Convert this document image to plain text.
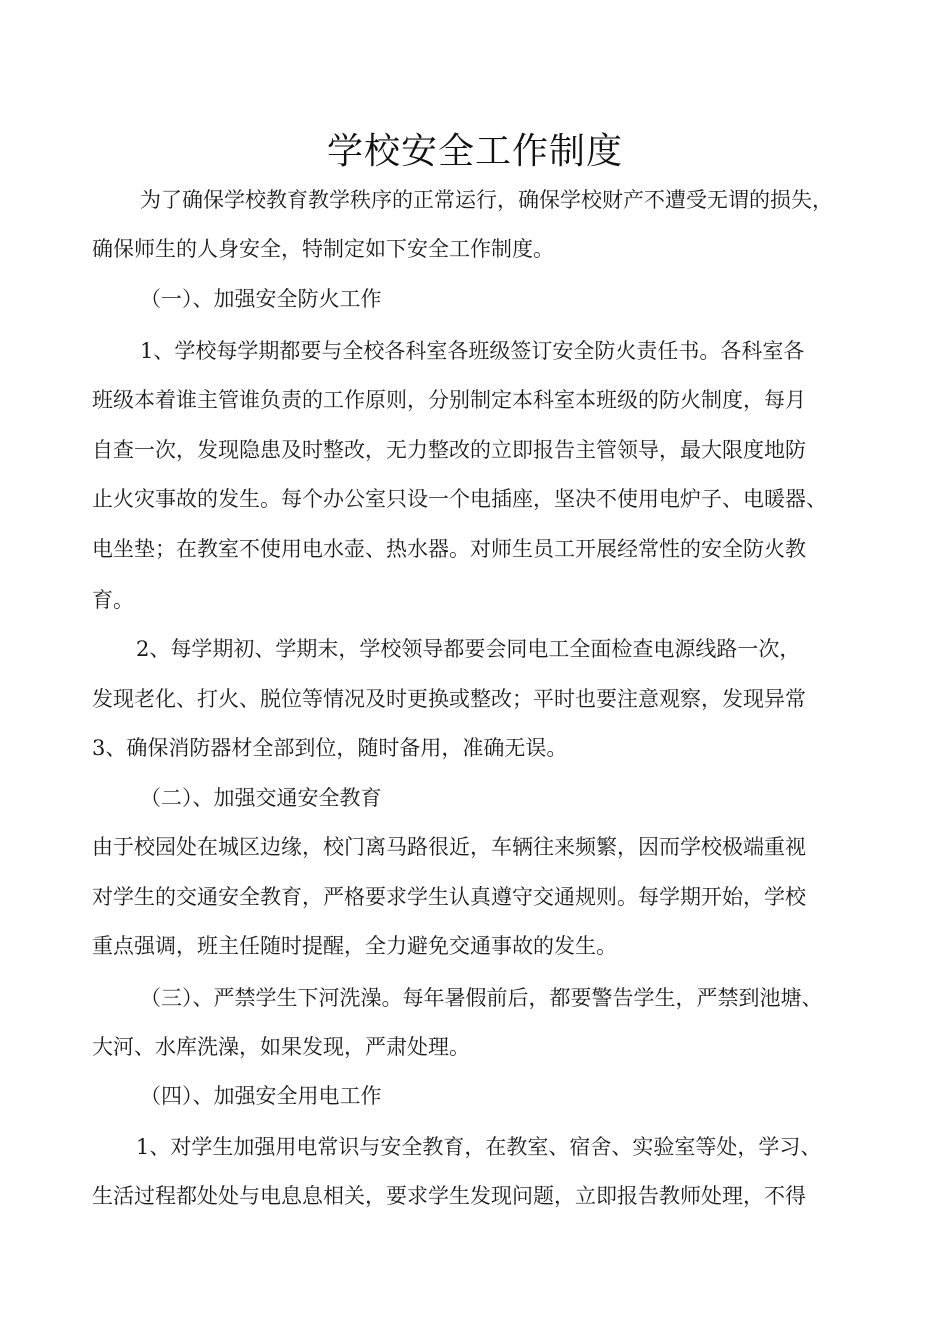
学校安全工作制度
为了确保学校教育教学秩序的正常运行，确保学校财产不遭受无谓的损失，
确保师生的人身安全，特制定如下安全工作制度。
（一）、加强安全防火工作
1、学校每学期都要与全校各科室各班级签订安全防火责任书。各科室各
班级本着谁主管谁负责的工作原则，分别制定本科室本班级的防火制度，每月
自查一次，发现隐患及时整改，无力整改的立即报告主管领导，最大限度地防
止火灾事故的发生。每个办公室只设一个电插座，坚决不使用电炉子、电暖器、
电坐垫；在教室不使用电水壶、热水器。对师生员工开展经常性的安全防火教
育。
2、每学期初、学期末，学校领导都要会同电工全面检查电源线路一次，
发现老化、打火、脱位等情况及时更换或整改；平时也要注意观察，发现异常
3、确保消防器材全部到位，随时备用，准确无误。
（二）、加强交通安全教育
由于校园处在城区边缘，校门离马路很近，车辆往来频繁，因而学校极端重视
对学生的交通安全教育，严格要求学生认真遵守交通规则。每学期开始，学校
重点强调，班主任随时提醒，全力避免交通事故的发生。
（三）、严禁学生下河洗澡。每年暑假前后，都要警告学生，严禁到池塘、
大河、水库洗澡，如果发现，严肃处理。
（四）、加强安全用电工作
1、对学生加强用电常识与安全教育，在教室、宿舍、实验室等处，学习、
生活过程都处处与电息息相关，要求学生发现问题，立即报告教师处理，不得
